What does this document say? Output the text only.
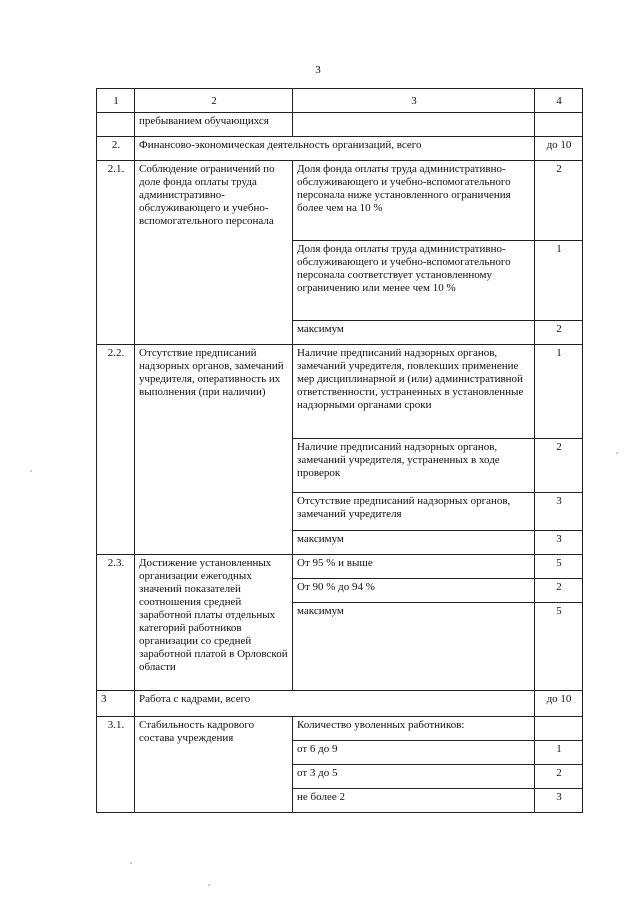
3
1	2	3	4
	пребыванием обучающихся		
2.	Финансово-экономическая деятельность организаций, всего		до 10
2.1.	Соблюдение ограничений по доле фонда оплаты труда административно-обслуживающего и учебно-вспомогательного персонала	Доля фонда оплаты труда административно-обслуживающего и учебно-вспомогательного персонала ниже установленного ограничения более чем на 10 %	2
		Доля фонда оплаты труда административно-обслуживающего и учебно-вспомогательного персонала соответствует установленному ограничению или менее чем 10 %	1
		максимум	2
2.2.	Отсутствие предписаний надзорных органов, замечаний учредителя, оперативность их выполнения (при наличии)	Наличие предписаний надзорных органов, замечаний учредителя, повлекших применение мер дисциплинарной и (или) административной ответственности, устраненных в установленные надзорными органами сроки	1
		Наличие предписаний надзорных органов, замечаний учредителя, устраненных в ходе проверок	2
		Отсутствие предписаний надзорных органов, замечаний учредителя	3
		максимум	3
2.3.	Достижение установленных организации ежегодных значений показателей соотношения средней заработной платы отдельных категорий работников организации со средней заработной платой в Орловской области	От 95 % и выше	5
		От 90 % до 94 %	2
		максимум	5
3	Работа с кадрами, всего		до 10
3.1.	Стабильность кадрового состава учреждения	Количество уволенных работников:	
		от 6 до 9	1
		от 3 до 5	2
		не более 2	3
